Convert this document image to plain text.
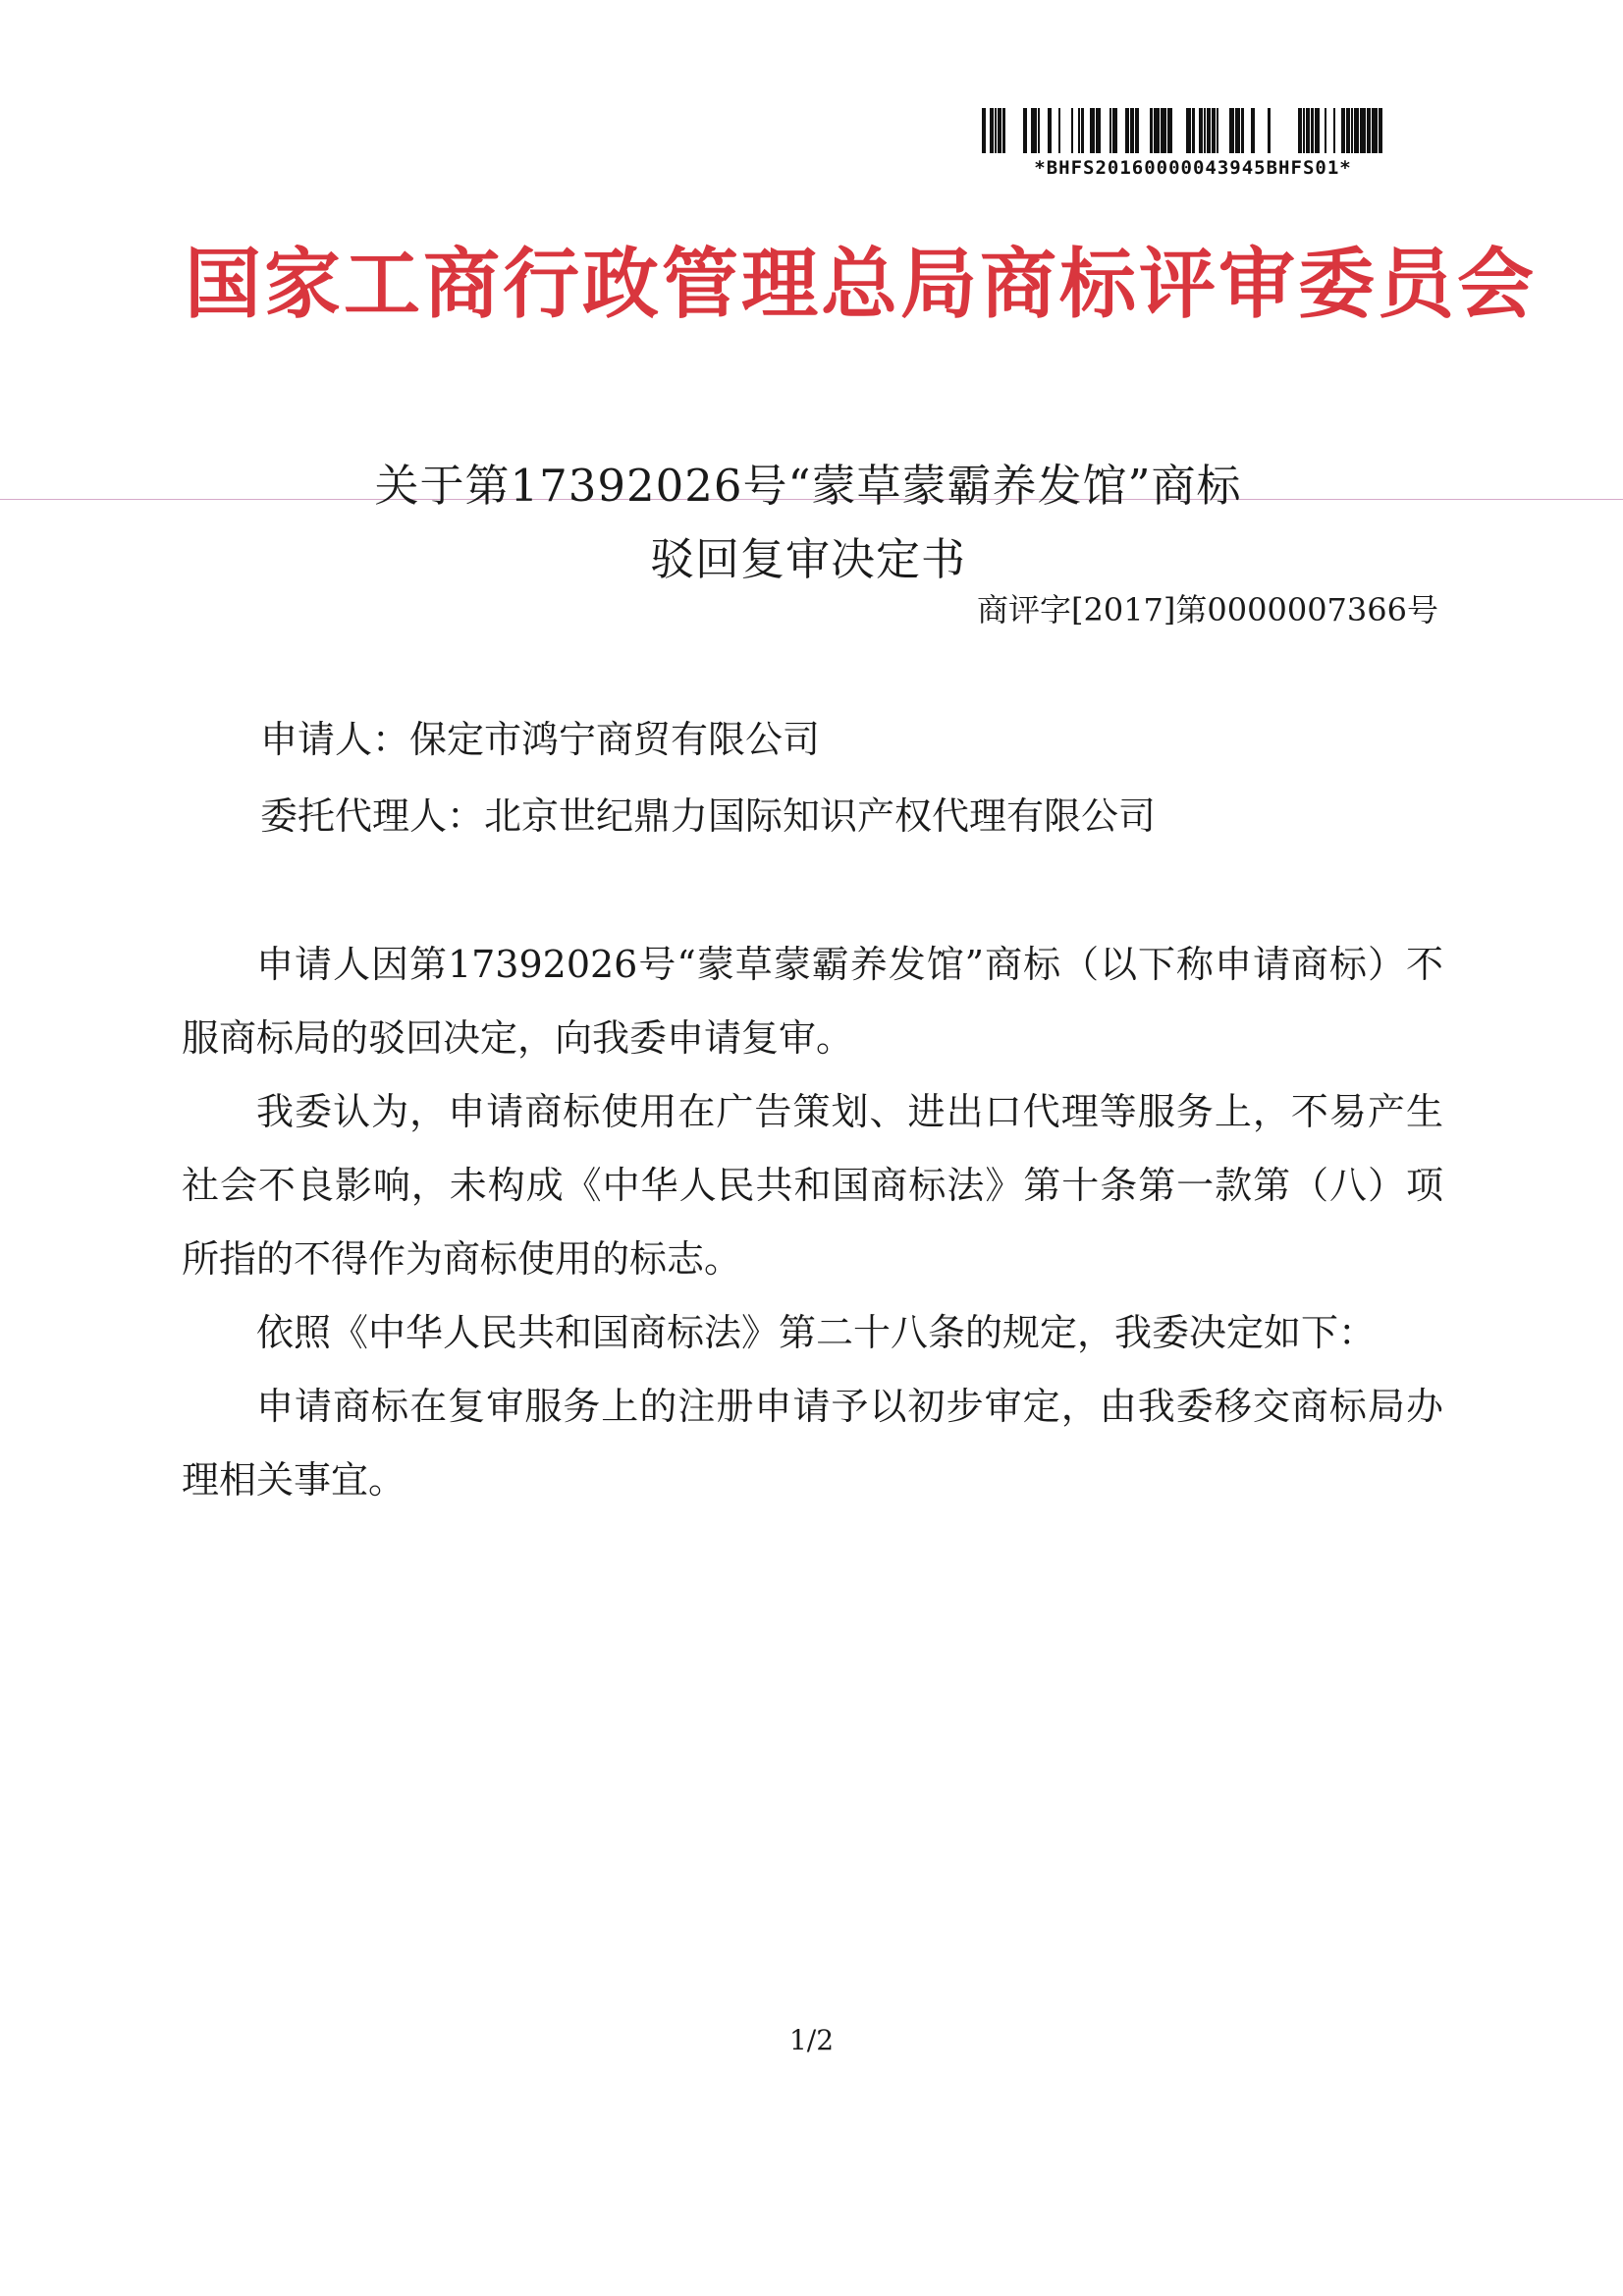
*BHFS20160000043945BHFS01*
国家工商行政管理总局商标评审委员会
关于第17392026号“蒙草蒙霸养发馆”商标
驳回复审决定书
商评字[2017]第0000007366号
申请人：保定市鸿宁商贸有限公司
委托代理人：北京世纪鼎力国际知识产权代理有限公司

申请人因第17392026号“蒙草蒙霸养发馆”商标（以下称申请商标）不服商标局的驳回决定，向我委申请复审。

我委认为，申请商标使用在广告策划、进出口代理等服务上，不易产生社会不良影响，未构成《中华人民共和国商标法》第十条第一款第（八）项所指的不得作为商标使用的标志。

依照《中华人民共和国商标法》第二十八条的规定，我委决定如下：

申请商标在复审服务上的注册申请予以初步审定，由我委移交商标局办理相关事宜。

1/2
